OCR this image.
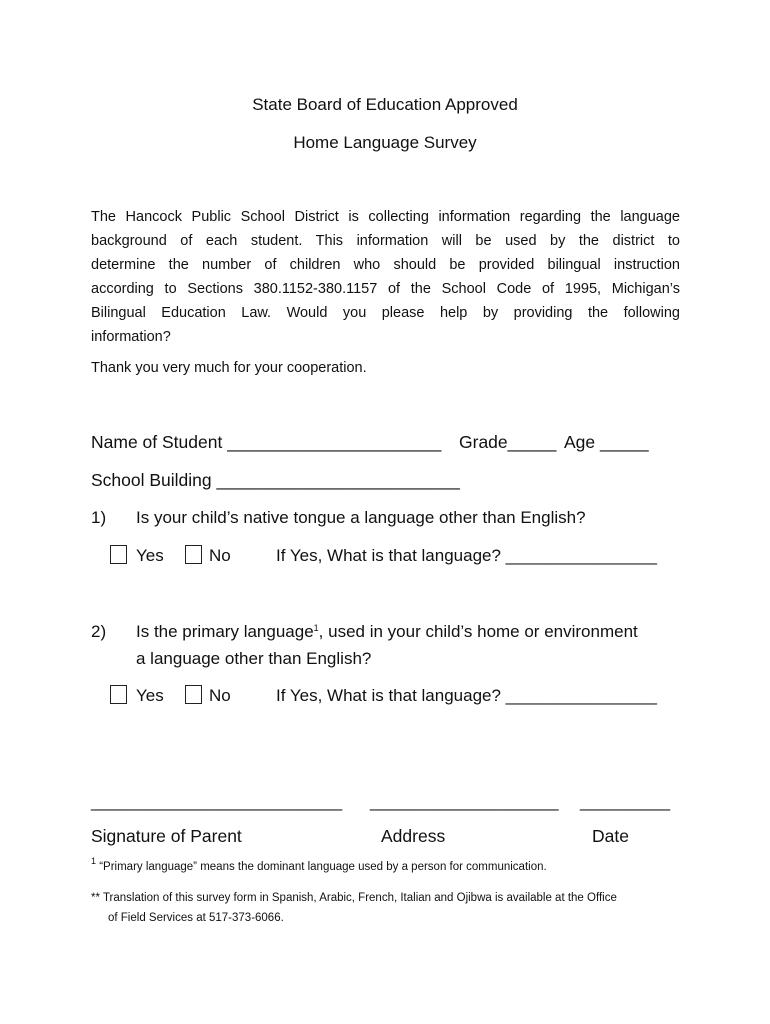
State Board of Education Approved
Home Language Survey
The Hancock Public School District is collecting information regarding the language
background of each student. This information will be used by the district to
determine the number of children who should be provided bilingual instruction
according to Sections 380.1152-380.1157 of the School Code of 1995, Michigan’s
Bilingual Education Law. Would you please help by providing the following
information?
Thank you very much for your cooperation.
Name of Student ______________________ Grade_____ Age _____
School Building _________________________
1) Is your child’s native tongue a language other than English?
Yes	No	If Yes, What is that language? ________________
2) Is the primary language$^1$, used in your child’s home or environment
a language other than English?
Yes	No	If Yes, What is that language? ________________
____________________________ _____________________ __________
Signature of Parent	Address	Date
$^1$ “Primary language” means the dominant language used by a person for communication.
** Translation of this survey form in Spanish, Arabic, French, Italian and Ojibwa is available at the Office
of Field Services at 517-373-6066.
